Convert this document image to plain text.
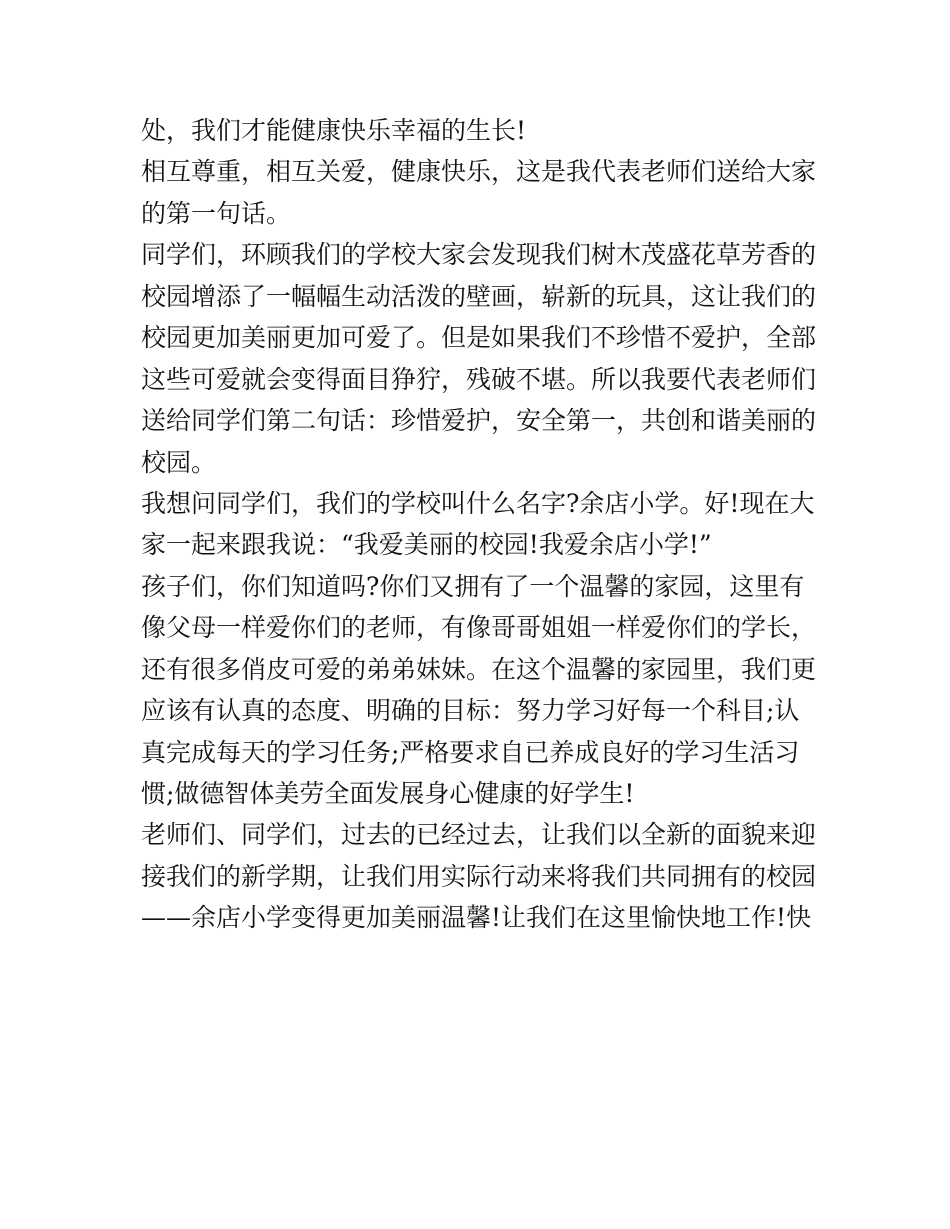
处，我们才能健康快乐幸福的生长!
相互尊重，相互关爱，健康快乐，这是我代表老师们送给大家
的第一句话。
同学们，环顾我们的学校大家会发现我们树木茂盛花草芳香的
校园增添了一幅幅生动活泼的壁画，崭新的玩具，这让我们的
校园更加美丽更加可爱了。但是如果我们不珍惜不爱护，全部
这些可爱就会变得面目狰狞，残破不堪。所以我要代表老师们
送给同学们第二句话：珍惜爱护，安全第一，共创和谐美丽的
校园。
我想问同学们，我们的学校叫什么名字?余店小学。好!现在大
家一起来跟我说：“我爱美丽的校园!我爱余店小学!”
孩子们，你们知道吗?你们又拥有了一个温馨的家园，这里有
像父母一样爱你们的老师，有像哥哥姐姐一样爱你们的学长，
还有很多俏皮可爱的弟弟妹妹。在这个温馨的家园里，我们更
应该有认真的态度、明确的目标：努力学习好每一个科目;认
真完成每天的学习任务;严格要求自已养成良好的学习生活习
惯;做德智体美劳全面发展身心健康的好学生!
老师们、同学们，过去的已经过去，让我们以全新的面貌来迎
接我们的新学期，让我们用实际行动来将我们共同拥有的校园
——余店小学变得更加美丽温馨!让我们在这里愉快地工作!快
